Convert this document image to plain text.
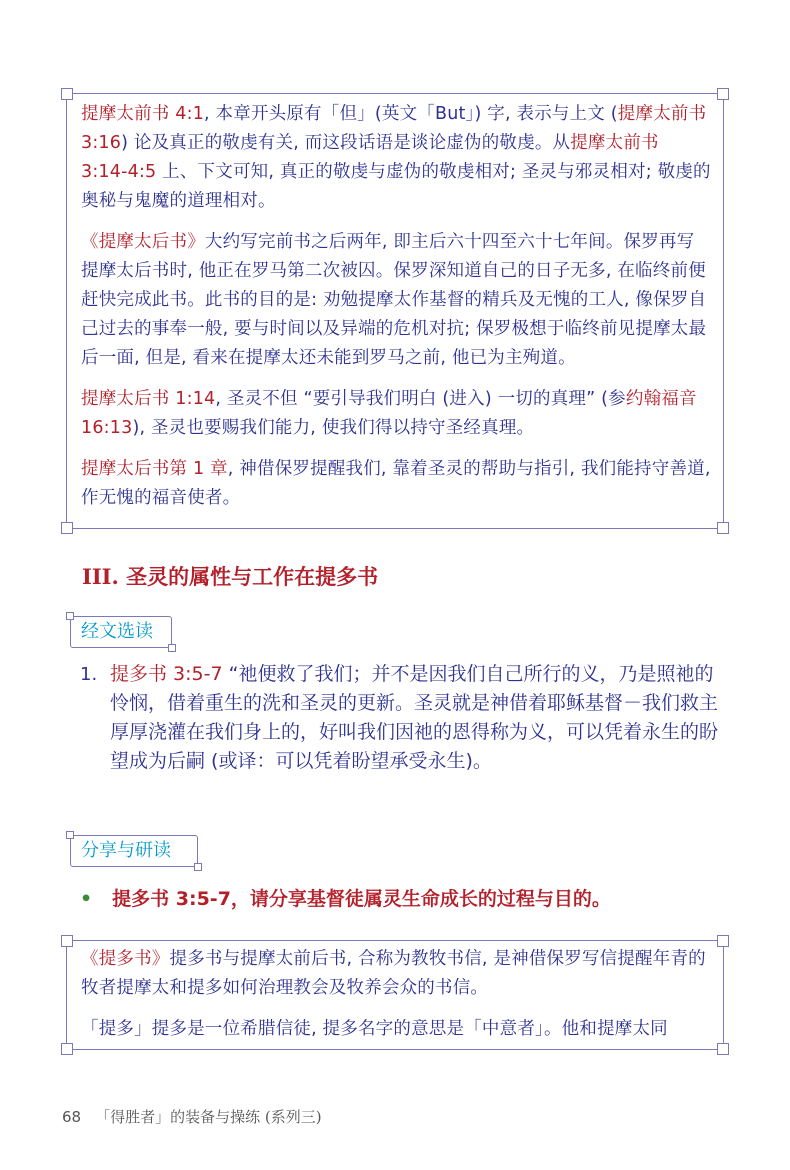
提摩太前书 4:1, 本章开头原有「但」(英文「But」) 字, 表示与上文 (提摩太前书 3:16) 论及真正的敬虔有关, 而这段话语是谈论虚伪的敬虔。从提摩太前书 3:14-4:5 上、下文可知, 真正的敬虔与虚伪的敬虔相对; 圣灵与邪灵相对; 敬虔的奥秘与鬼魔的道理相对。

《提摩太后书》大约写完前书之后两年, 即主后六十四至六十七年间。保罗再写提摩太后书时, 他正在罗马第二次被囚。保罗深知道自己的日子无多, 在临终前便赶快完成此书。此书的目的是: 劝勉提摩太作基督的精兵及无愧的工人, 像保罗自己过去的事奉一般, 要与时间以及异端的危机对抗; 保罗极想于临终前见提摩太最后一面, 但是, 看来在提摩太还未能到罗马之前, 他已为主殉道。

提摩太后书 1:14, 圣灵不但 “要引导我们明白 (进入) 一切的真理” (参约翰福音 16:13), 圣灵也要赐我们能力, 使我们得以持守圣经真理。

提摩太后书第 1 章, 神借保罗提醒我们, 靠着圣灵的帮助与指引, 我们能持守善道, 作无愧的福音使者。

III. 圣灵的属性与工作在提多书
经文选读
1. 提多书 3:5-7 “祂便救了我们；并不是因我们自己所行的义，乃是照祂的怜悯，借着重生的洗和圣灵的更新。圣灵就是神借着耶稣基督－我们救主厚厚浇灌在我们身上的，好叫我们因祂的恩得称为义，可以凭着永生的盼望成为后嗣 (或译：可以凭着盼望承受永生)。
分享与研读
• 提多书 3:5-7，请分享基督徒属灵生命成长的过程与目的。

《提多书》提多书与提摩太前后书, 合称为教牧书信, 是神借保罗写信提醒年青的牧者提摩太和提多如何治理教会及牧养会众的书信。

「提多」提多是一位希腊信徒, 提多名字的意思是「中意者」。他和提摩太同

68 「得胜者」的装备与操练 (系列三)
